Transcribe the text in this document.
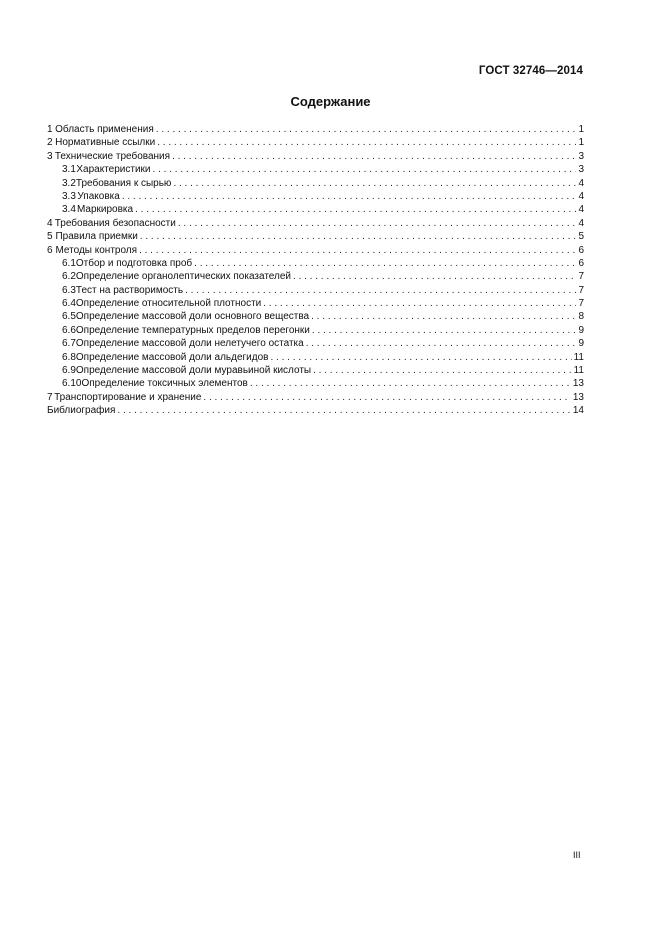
ГОСТ 32746—2014
Содержание
1 Область применения . . .	1
2 Нормативные ссылки . . .	1
3 Технические требования . . .	3
3.1 Характеристики . . .	3
3.2 Требования к сырью . . .	4
3.3 Упаковка . . .	4
3.4 Маркировка . . .	4
4 Требования безопасности . . .	4
5 Правила приемки . . .	5
6 Методы контроля . . .	6
6.1 Отбор и подготовка проб . . .	6
6.2 Определение органолептических показателей . . .	7
6.3 Тест на растворимость . . .	7
6.4 Определение относительной плотности . . .	7
6.5 Определение массовой доли основного вещества . . .	8
6.6 Определение температурных пределов перегонки . . .	9
6.7 Определение массовой доли нелетучего остатка . . .	9
6.8 Определение массовой доли альдегидов . . .	11
6.9 Определение массовой доли муравьиной кислоты . . .	11
6.10 Определение токсичных элементов . . .	13
7 Транспортирование и хранение . . .	13
Библиография . . .	14
III
